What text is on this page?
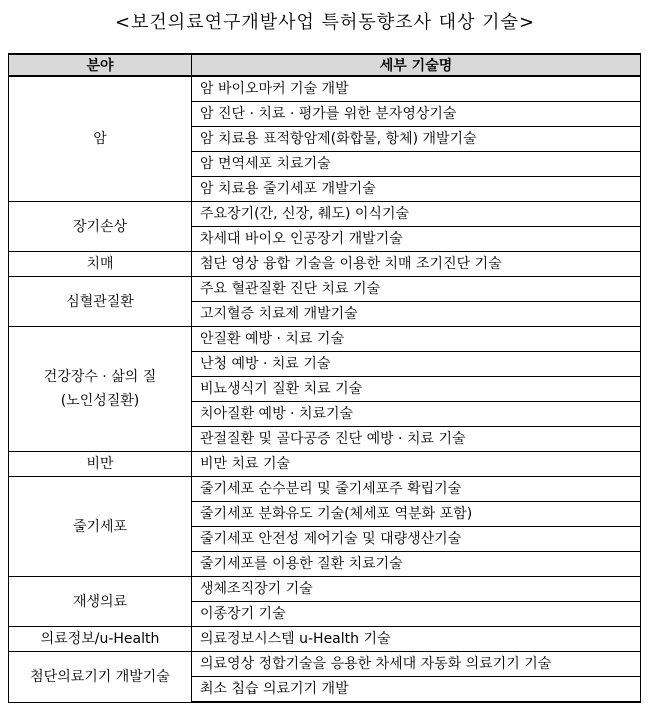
<보건의료연구개발사업 특허동향조사 대상 기술>
분야	세부 기술명
암	암 바이오마커 기술 개발
	암 진단 · 치료 · 평가를 위한 분자영상기술
	암 치료용 표적항암제(화합물, 항체) 개발기술
	암 면역세포 치료기술
	암 치료용 줄기세포 개발기술
장기손상	주요장기(간, 신장, 췌도) 이식기술
	차세대 바이오 인공장기 개발기술
치매	첨단 영상 융합 기술을 이용한 치매 조기진단 기술
심혈관질환	주요 혈관질환 진단 치료 기술
	고지혈증 치료제 개발기술
건강장수 · 삶의 질
(노인성질환)	안질환 예방 · 치료 기술
	난청 예방 · 치료 기술
	비뇨생식기 질환 치료 기술
	치아질환 예방 · 치료기술
	관절질환 및 골다공증 진단 예방 · 치료 기술
비만	비만 치료 기술
줄기세포	줄기세포 순수분리 및 줄기세포주 확립기술
	줄기세포 분화유도 기술(체세포 역분화 포함)
	줄기세포 안전성 제어기술 및 대량생산기술
	줄기세포를 이용한 질환 치료기술
재생의료	생체조직장기 기술
	이종장기 기술
의료정보/u-Health	의료정보시스템 u-Health 기술
첨단의료기기 개발기술	의료영상 정합기술을 응용한 차세대 자동화 의료기기 기술
	최소 침습 의료기기 개발
